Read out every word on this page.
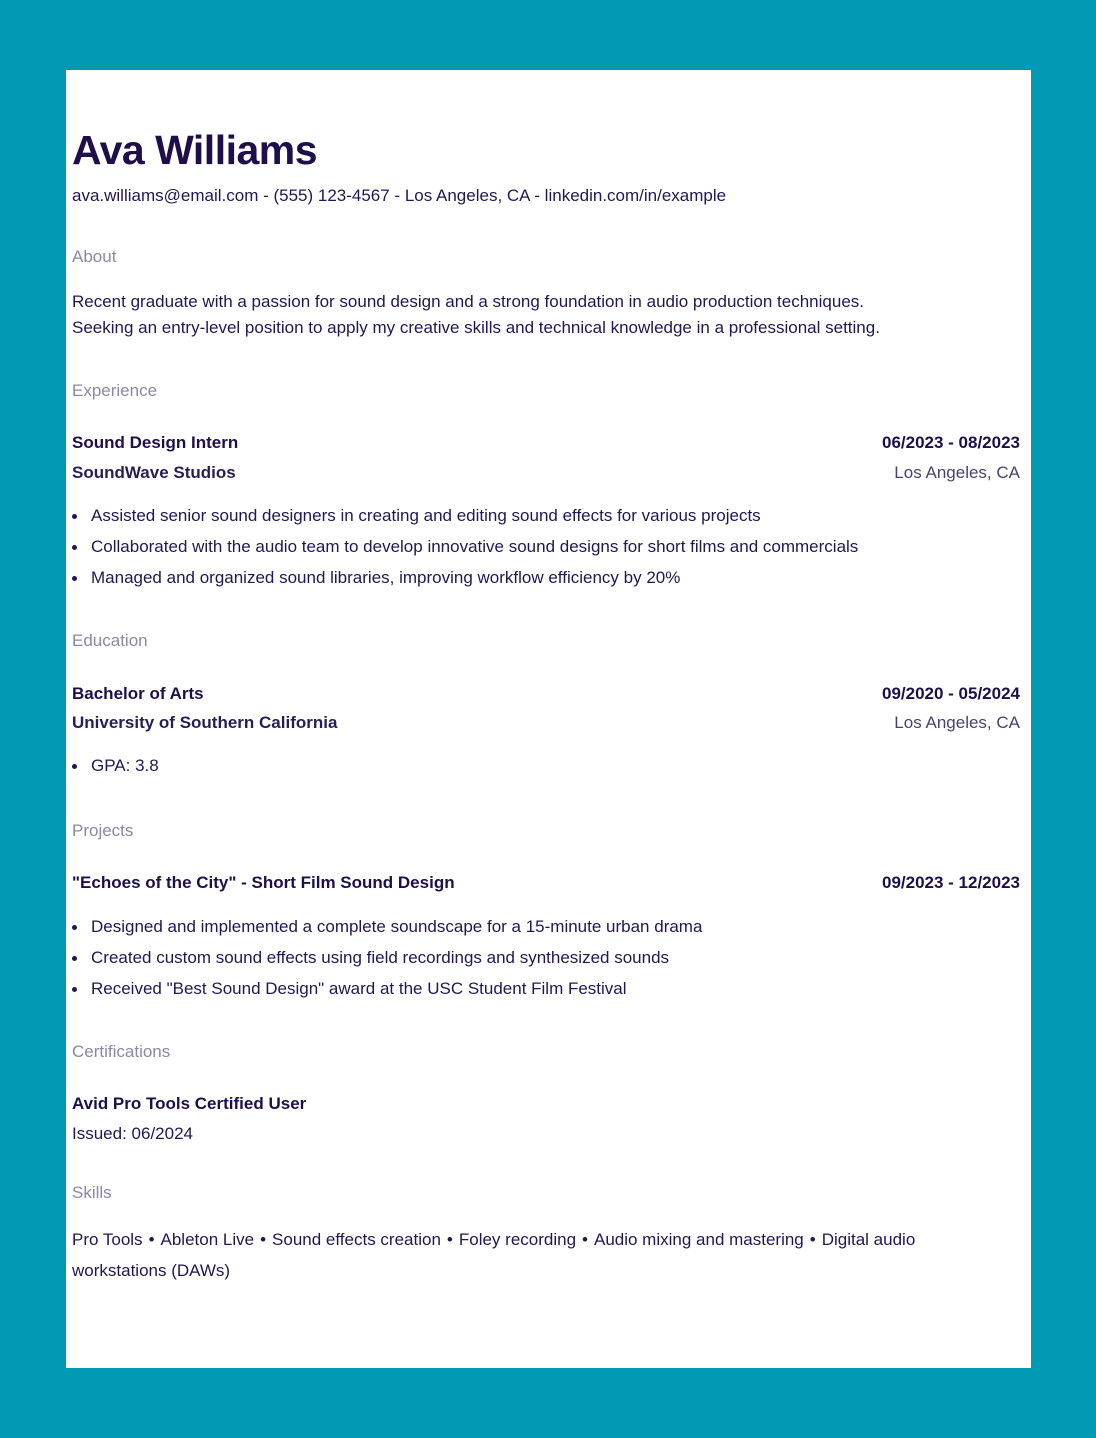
Ava Williams
ava.williams@email.com - (555) 123-4567 - Los Angeles, CA - linkedin.com/in/example
About
Recent graduate with a passion for sound design and a strong foundation in audio production techniques.
Seeking an entry-level position to apply my creative skills and technical knowledge in a professional setting.
Experience
Sound Design Intern	06/2023 - 08/2023
SoundWave Studios	Los Angeles, CA
Assisted senior sound designers in creating and editing sound effects for various projects
Collaborated with the audio team to develop innovative sound designs for short films and commercials
Managed and organized sound libraries, improving workflow efficiency by 20%
Education
Bachelor of Arts	09/2020 - 05/2024
University of Southern California	Los Angeles, CA
GPA: 3.8
Projects
"Echoes of the City" - Short Film Sound Design	09/2023 - 12/2023
Designed and implemented a complete soundscape for a 15-minute urban drama
Created custom sound effects using field recordings and synthesized sounds
Received "Best Sound Design" award at the USC Student Film Festival
Certifications
Avid Pro Tools Certified User
Issued: 06/2024
Skills
Pro Tools • Ableton Live • Sound effects creation • Foley recording • Audio mixing and mastering • Digital audio workstations (DAWs)
